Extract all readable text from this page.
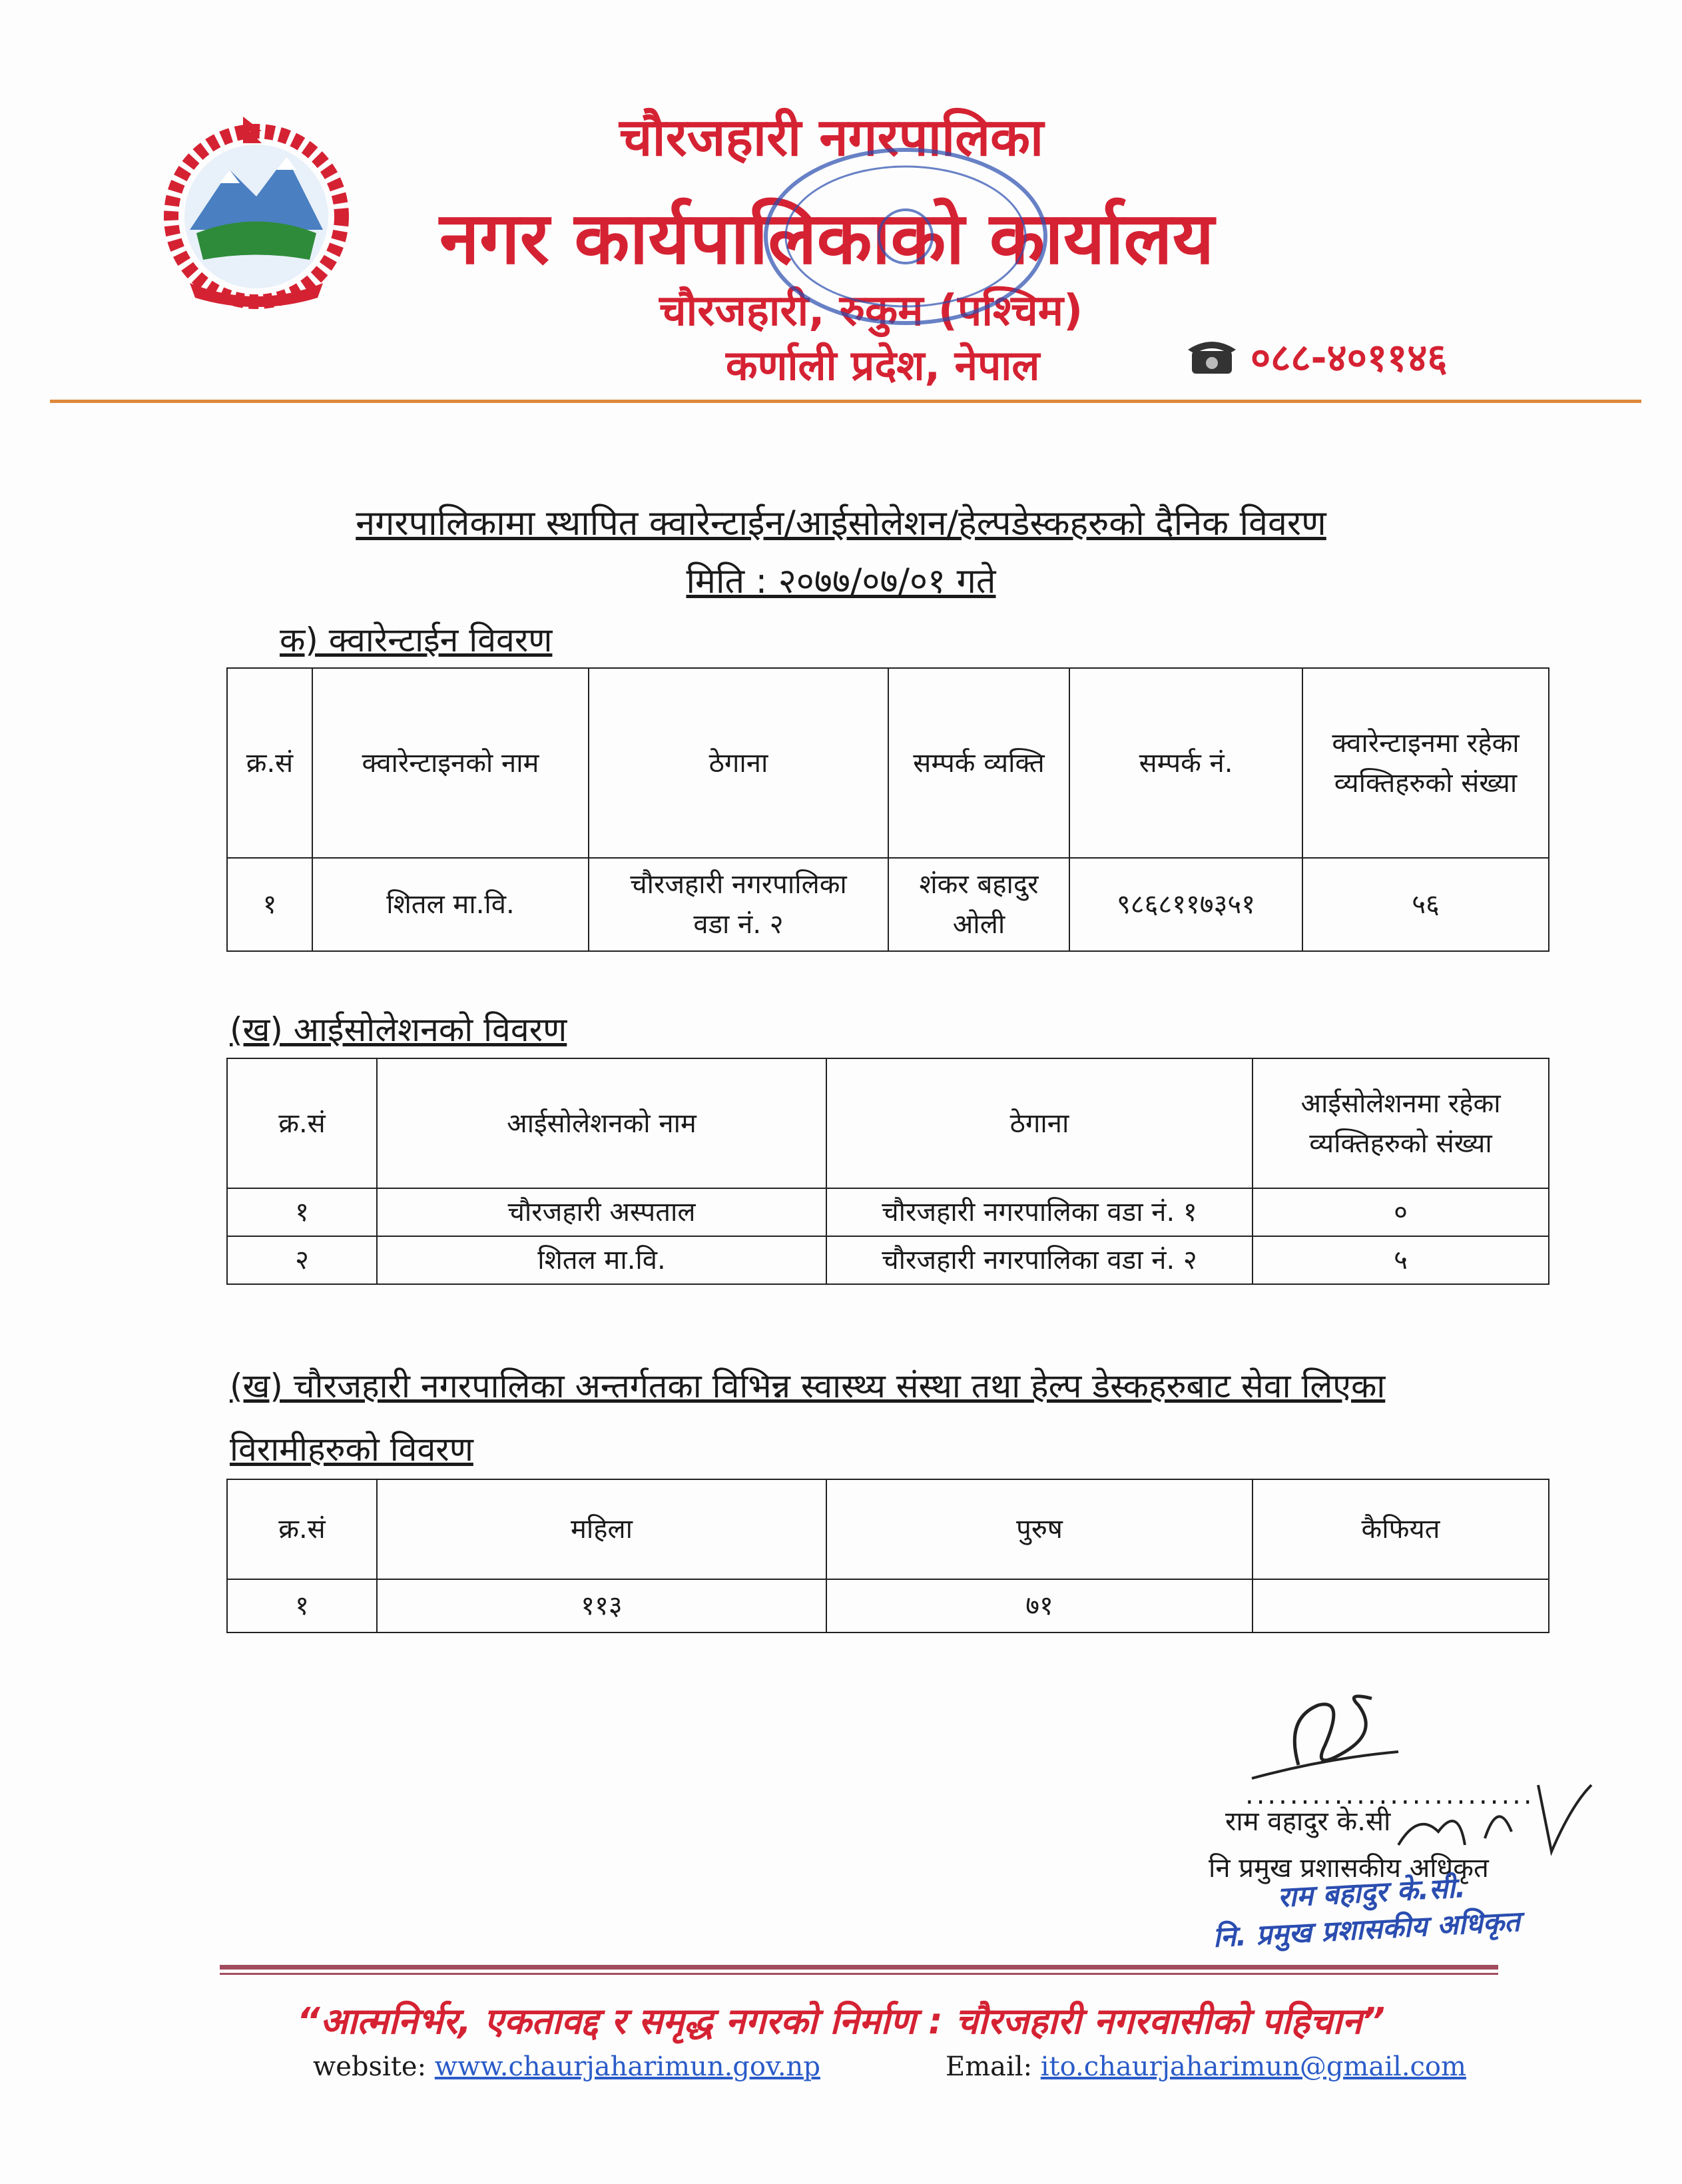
चौरजहारी नगरपालिका
नगर कार्यपालिकाको कार्यालय
चौरजहारी, रुकुम (पश्चिम)
कर्णाली प्रदेश, नेपाल	०८८-४०११४६
नगरपालिकामा स्थापित क्वारेन्टाईन/आईसोलेशन/हेल्पडेस्कहरुको दैनिक विवरण
मिति : २०७७/०७/०१ गते
क) क्वारेन्टाईन विवरण
क्र.सं	क्वारेन्टाइनको नाम	ठेगाना	सम्पर्क व्यक्ति	सम्पर्क नं.	क्वारेन्टाइनमा रहेका व्यक्तिहरुको संख्या
१	शितल मा.वि.	चौरजहारी नगरपालिका वडा नं. २	शंकर बहादुर ओली	९८६८११७३५१	५६
(ख) आईसोलेशनको विवरण
क्र.सं	आईसोलेशनको नाम	ठेगाना	आईसोलेशनमा रहेका व्यक्तिहरुको संख्या
१	चौरजहारी अस्पताल	चौरजहारी नगरपालिका वडा नं. १	०
२	शितल मा.वि.	चौरजहारी नगरपालिका वडा नं. २	५
(ख) चौरजहारी नगरपालिका अन्तर्गतका विभिन्न स्वास्थ्य संस्था तथा हेल्प डेस्कहरुबाट सेवा लिएका
विरामीहरुको विवरण
क्र.सं	महिला	पुरुष	कैफियत
१	११३	७१	
..........................
राम वहादुर के.सी
नि प्रमुख प्रशासकीय अधिकृत
राम बहादुर के.सी.
नि. प्रमुख प्रशासकीय अधिकृत
“आत्मनिर्भर, एकतावद्द र समृद्ध नगरको निर्माण : चौरजहारी नगरवासीको पहिचान”
website: www.chaurjaharimun.gov.np	Email: ito.chaurjaharimun@gmail.com
